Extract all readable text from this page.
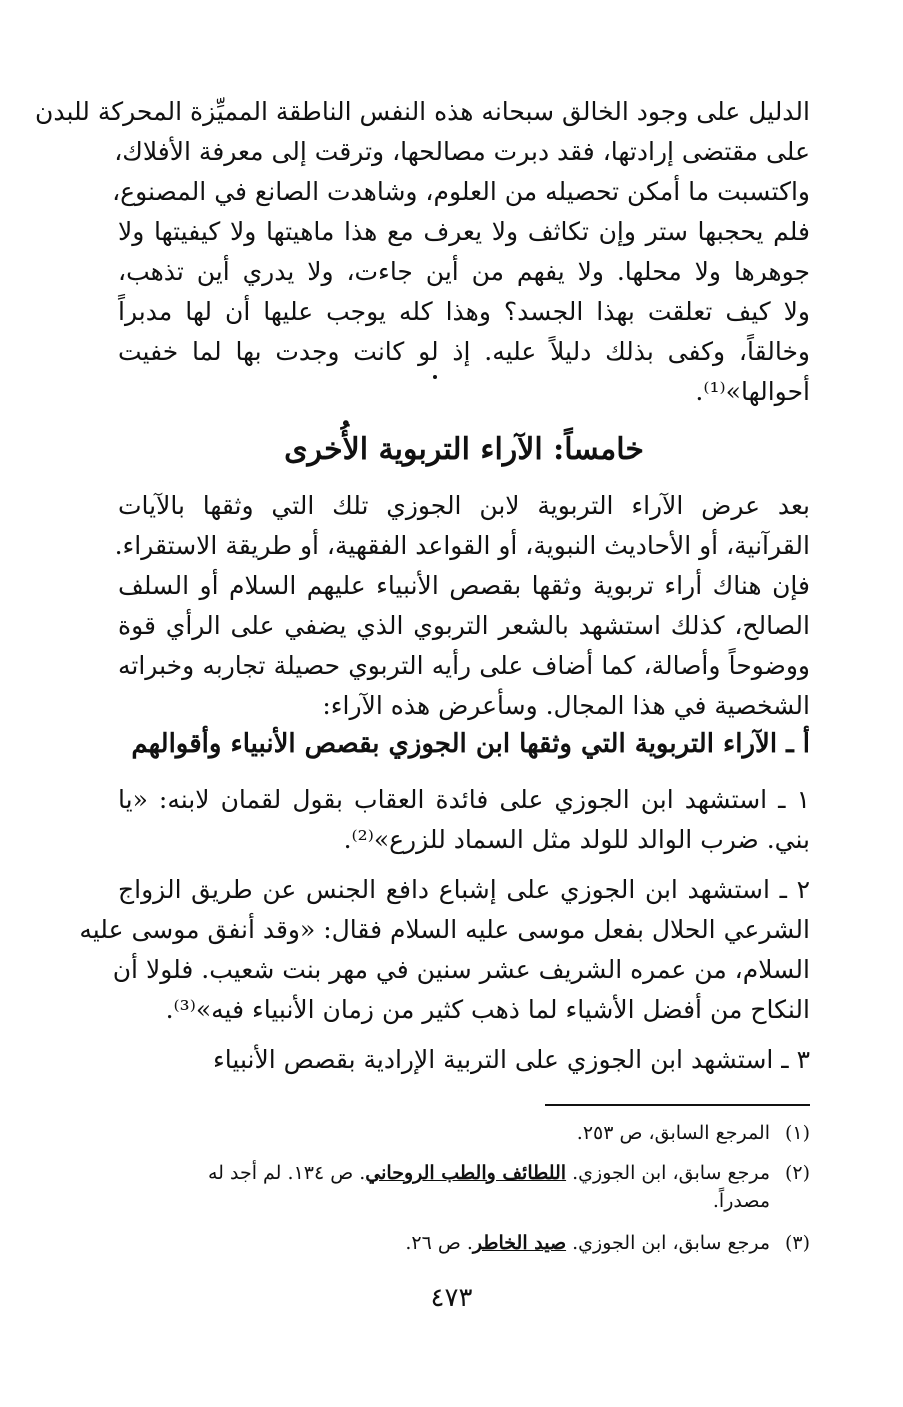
الدليل على وجود الخالق سبحانه هذه النفس الناطقة المميِّزة المحركة للبدن
على مقتضى إرادتها، فقد دبرت مصالحها، وترقت إلى معرفة الأفلاك،
واكتسبت ما أمكن تحصيله من العلوم، وشاهدت الصانع في المصنوع،
فلم يحجبها ستر وإن تكاثف ولا يعرف مع هذا ماهيتها ولا كيفيتها ولا
جوهرها ولا محلها. ولا يفهم من أين جاءت، ولا يدري أين تذهب،
ولا كيف تعلقت بهذا الجسد؟ وهذا كله يوجب عليها أن لها مدبراً
وخالقاً، وكفى بذلك دليلاً عليه. إذ لو كانت وجدت بها لما خفيت
أحوالها»⁽¹⁾.
خامساً: الآراء التربوية الأُخرى
بعد عرض الآراء التربوية لابن الجوزي تلك التي وثقها بالآيات
القرآنية، أو الأحاديث النبوية، أو القواعد الفقهية، أو طريقة الاستقراء.
فإن هناك أراء تربوية وثقها بقصص الأنبياء عليهم السلام أو السلف
الصالح، كذلك استشهد بالشعر التربوي الذي يضفي على الرأي قوة
ووضوحاً وأصالة، كما أضاف على رأيه التربوي حصيلة تجاربه وخبراته
الشخصية في هذا المجال. وسأعرض هذه الآراء:
أ ـ الآراء التربوية التي وثقها ابن الجوزي بقصص الأنبياء وأقوالهم
١ ـ استشهد ابن الجوزي على فائدة العقاب بقول لقمان لابنه: «يا
بني. ضرب الوالد للولد مثل السماد للزرع»⁽²⁾.
٢ ـ استشهد ابن الجوزي على إشباع دافع الجنس عن طريق الزواج
الشرعي الحلال بفعل موسى عليه السلام فقال: «وقد أنفق موسى عليه
السلام، من عمره الشريف عشر سنين في مهر بنت شعيب. فلولا أن
النكاح من أفضل الأشياء لما ذهب كثير من زمان الأنبياء فيه»⁽³⁾.
٣ ـ استشهد ابن الجوزي على التربية الإرادية بقصص الأنبياء
(١)المرجع السابق، ص ٢٥٣.
(٢)مرجع سابق، ابن الجوزي. اللطائف والطب الروحاني. ص ١٣٤. لم أجد له
مصدراً.
(٣)مرجع سابق، ابن الجوزي. صيد الخاطر. ص ٢٦.
٤٧٣
